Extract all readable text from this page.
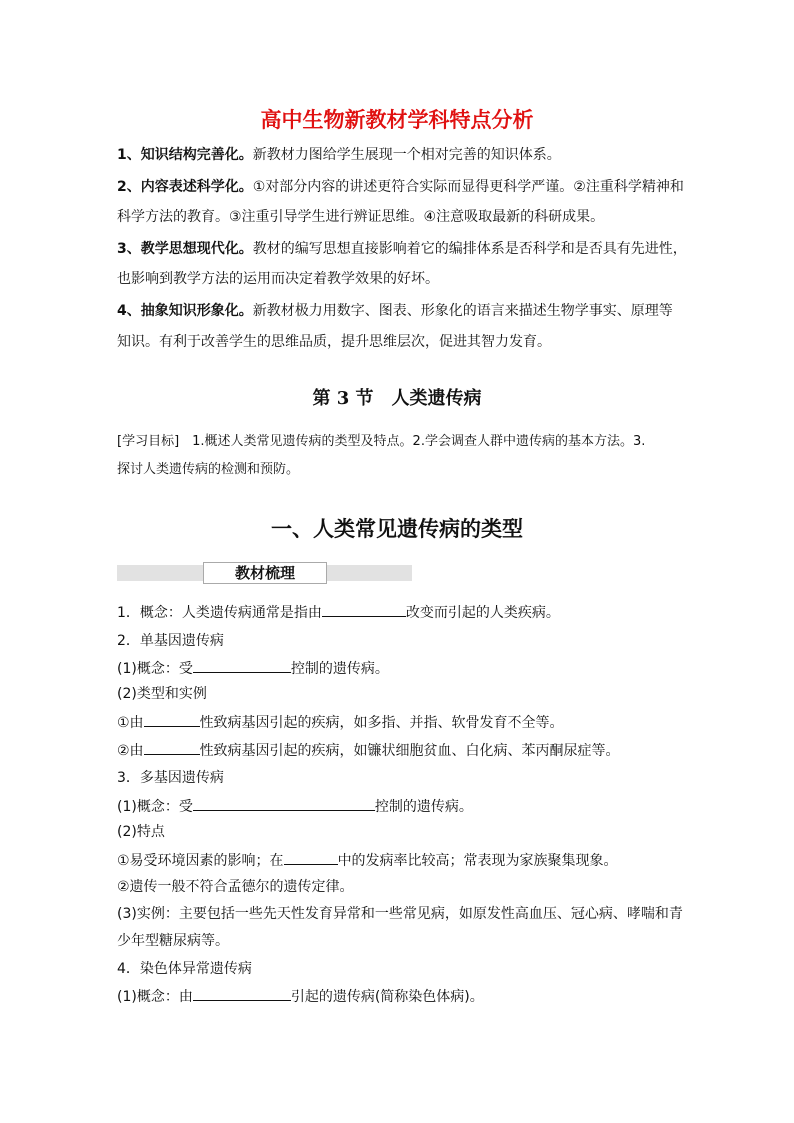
高中生物新教材学科特点分析
1、知识结构完善化。新教材力图给学生展现一个相对完善的知识体系。
2、内容表述科学化。①对部分内容的讲述更符合实际而显得更科学严谨。②注重科学精神和
科学方法的教育。③注重引导学生进行辨证思维。④注意吸取最新的科研成果。
3、教学思想现代化。教材的编写思想直接影响着它的编排体系是否科学和是否具有先进性，
也影响到教学方法的运用而决定着教学效果的好坏。
4、抽象知识形象化。新教材极力用数字、图表、形象化的语言来描述生物学事实、原理等
知识。有利于改善学生的思维品质，提升思维层次，促进其智力发育。
第 3 节　人类遗传病
[学习目标]　1.概述人类常见遗传病的类型及特点。2.学会调查人群中遗传病的基本方法。3.
探讨人类遗传病的检测和预防。
一、人类常见遗传病的类型
教材梳理
1．概念：人类遗传病通常是指由	改变而引起的人类疾病。
2．单基因遗传病
(1)概念：受	控制的遗传病。
(2)类型和实例
①由	性致病基因引起的疾病，如多指、并指、软骨发育不全等。
②由	性致病基因引起的疾病，如镰状细胞贫血、白化病、苯丙酮尿症等。
3．多基因遗传病
(1)概念：受	控制的遗传病。
(2)特点
①易受环境因素的影响；在	中的发病率比较高；常表现为家族聚集现象。
②遗传一般不符合孟德尔的遗传定律。
(3)实例：主要包括一些先天性发育异常和一些常见病，如原发性高血压、冠心病、哮喘和青
少年型糖尿病等。
4．染色体异常遗传病
(1)概念：由	引起的遗传病(简称染色体病)。
